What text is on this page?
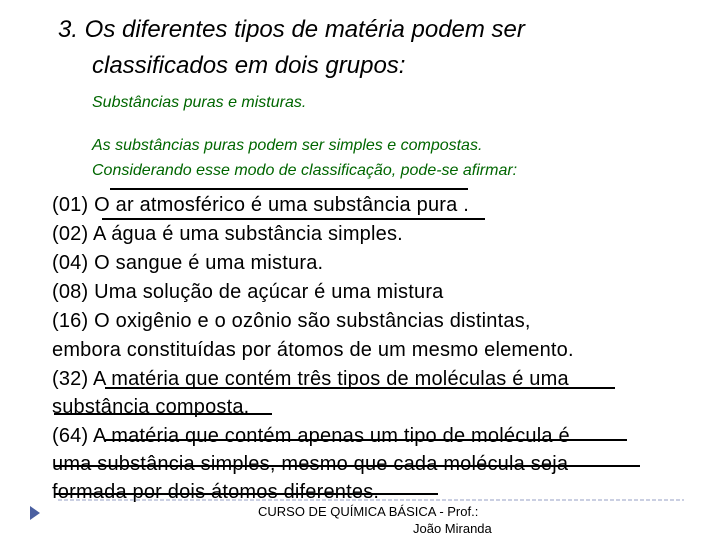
3. Os diferentes tipos de matéria podem ser

classificados em dois grupos:

Substâncias puras e misturas.

As substâncias puras podem ser simples e compostas.

Considerando esse modo de classificação, pode-se afirmar:

(01) O ar atmosférico é uma substância pura .

(02) A água é uma substância simples.

(04) O sangue é uma mistura.

(08) Uma solução de açúcar é uma mistura

(16) O oxigênio e o ozônio são substâncias distintas,

embora constituídas por átomos de um mesmo elemento.

(32) A matéria que contém três tipos de moléculas é uma

substância composta.

(64) A matéria que contém apenas um tipo de molécula é

uma substância simples, mesmo que cada molécula seja

formada por dois átomos diferentes.

CURSO DE QUÍMICA BÁSICA - Prof.:

João Miranda
